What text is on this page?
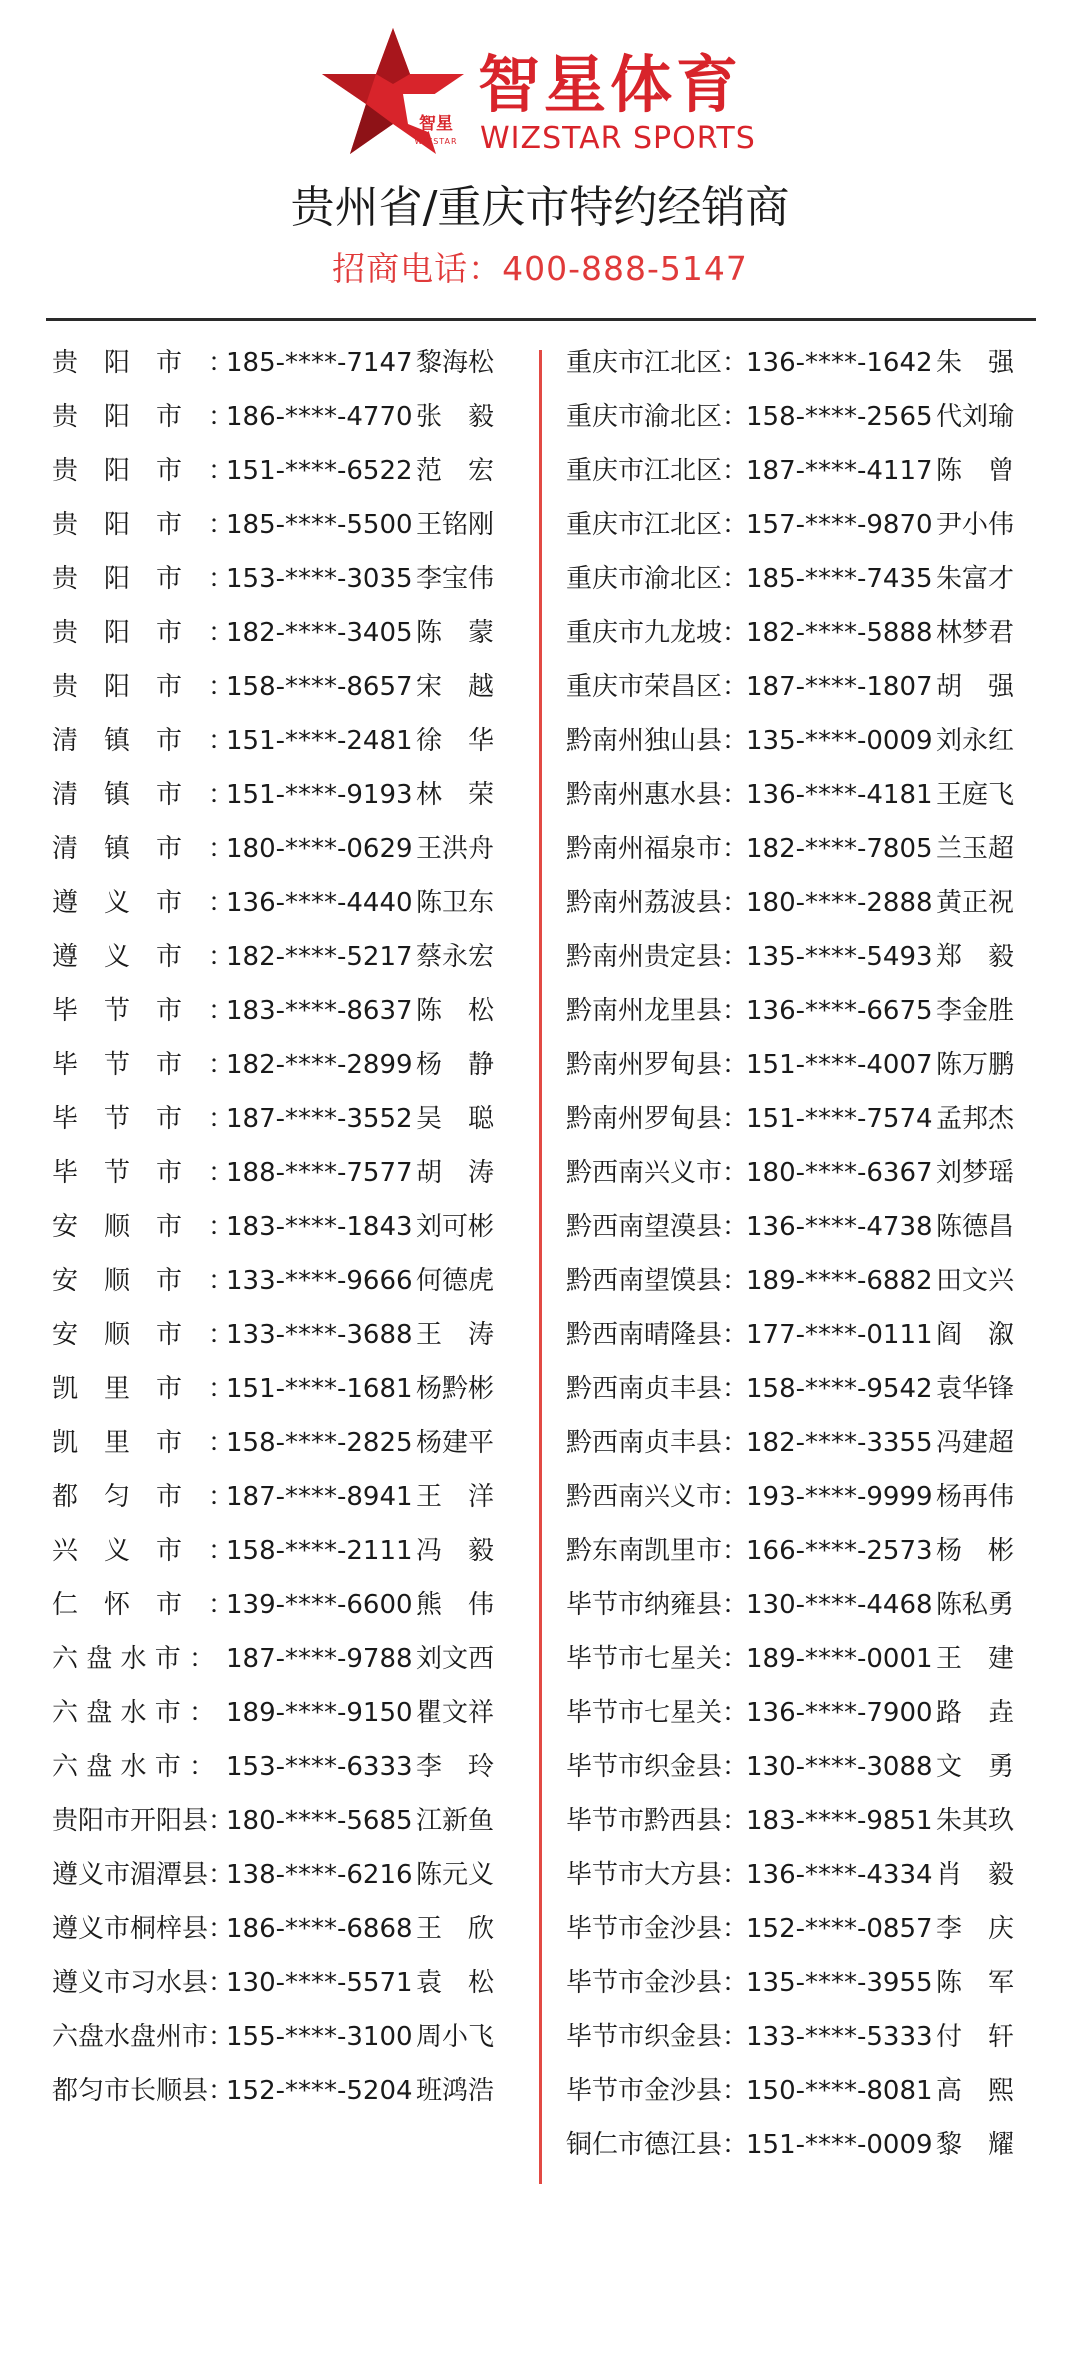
智星
WIZSTAR
智星体育
WIZSTAR SPORTS
贵州省/重庆市特约经销商
招商电话：400-888-5147
贵　阳　市　：
185-****-7147 黎海松
贵　阳　市　：
186-****-4770 张　毅
贵　阳　市　：
151-****-6522 范　宏
贵　阳　市　：
185-****-5500 王铭刚
贵　阳　市　：
153-****-3035 李宝伟
贵　阳　市　：
182-****-3405 陈　蒙
贵　阳　市　：
158-****-8657 宋　越
清　镇　市　：
151-****-2481 徐　华
清　镇　市　：
151-****-9193 林　荣
清　镇　市　：
180-****-0629 王洪舟
遵　义　市　：
136-****-4440 陈卫东
遵　义　市　：
182-****-5217 蔡永宏
毕　节　市　：
183-****-8637 陈　松
毕　节　市　：
182-****-2899 杨　静
毕　节　市　：
187-****-3552 吴　聪
毕　节　市　：
188-****-7577 胡　涛
安　顺　市　：
183-****-1843 刘可彬
安　顺　市　：
133-****-9666 何德虎
安　顺　市　：
133-****-3688 王　涛
凯　里　市　：
151-****-1681 杨黔彬
凯　里　市　：
158-****-2825 杨建平
都　匀　市　：
187-****-8941 王　洋
兴　义　市　：
158-****-2111 冯　毅
仁　怀　市　：
139-****-6600 熊　伟
六 盘 水 市 ： 187-****-9788 刘文西
六 盘 水 市 ： 189-****-9150 瞿文祥
六 盘 水 市 ： 153-****-6333 李　玲
贵阳市开阳县：
180-****-5685 江新鱼
遵义市湄潭县：
138-****-6216 陈元义
遵义市桐梓县：
186-****-6868 王　欣
遵义市习水县：
130-****-5571 袁　松
六盘水盘州市：
155-****-3100 周小飞
都匀市长顺县：
152-****-5204 班鸿浩
重庆市江北区：
136-****-1642 朱　强
重庆市渝北区：
158-****-2565 代刘瑜
重庆市江北区：
187-****-4117 陈　曾
重庆市江北区：
157-****-9870 尹小伟
重庆市渝北区：
185-****-7435 朱富才
重庆市九龙坡：
182-****-5888 林梦君
重庆市荣昌区：
187-****-1807 胡　强
黔南州独山县：
135-****-0009 刘永红
黔南州惠水县：
136-****-4181 王庭飞
黔南州福泉市：
182-****-7805 兰玉超
黔南州荔波县：
180-****-2888 黄正祝
黔南州贵定县：
135-****-5493 郑　毅
黔南州龙里县：
136-****-6675 李金胜
黔南州罗甸县：
151-****-4007 陈万鹏
黔南州罗甸县：
151-****-7574 孟邦杰
黔西南兴义市：
180-****-6367 刘梦瑶
黔西南望漠县：
136-****-4738 陈德昌
黔西南望馍县：
189-****-6882 田文兴
黔西南晴隆县：
177-****-0111 阎　溆
黔西南贞丰县：
158-****-9542 袁华锋
黔西南贞丰县：
182-****-3355 冯建超
黔西南兴义市：
193-****-9999 杨再伟
黔东南凯里市：
166-****-2573 杨　彬
毕节市纳雍县：
130-****-4468 陈私勇
毕节市七星关：
189-****-0001 王　建
毕节市七星关：
136-****-7900 路　垚
毕节市织金县：
130-****-3088 文　勇
毕节市黔西县：
183-****-9851 朱其玖
毕节市大方县：
136-****-4334 肖　毅
毕节市金沙县：
152-****-0857 李　庆
毕节市金沙县：
135-****-3955 陈　军
毕节市织金县：
133-****-5333 付　轩
毕节市金沙县：
150-****-8081 高　熙
铜仁市德江县：
151-****-0009 黎　耀
